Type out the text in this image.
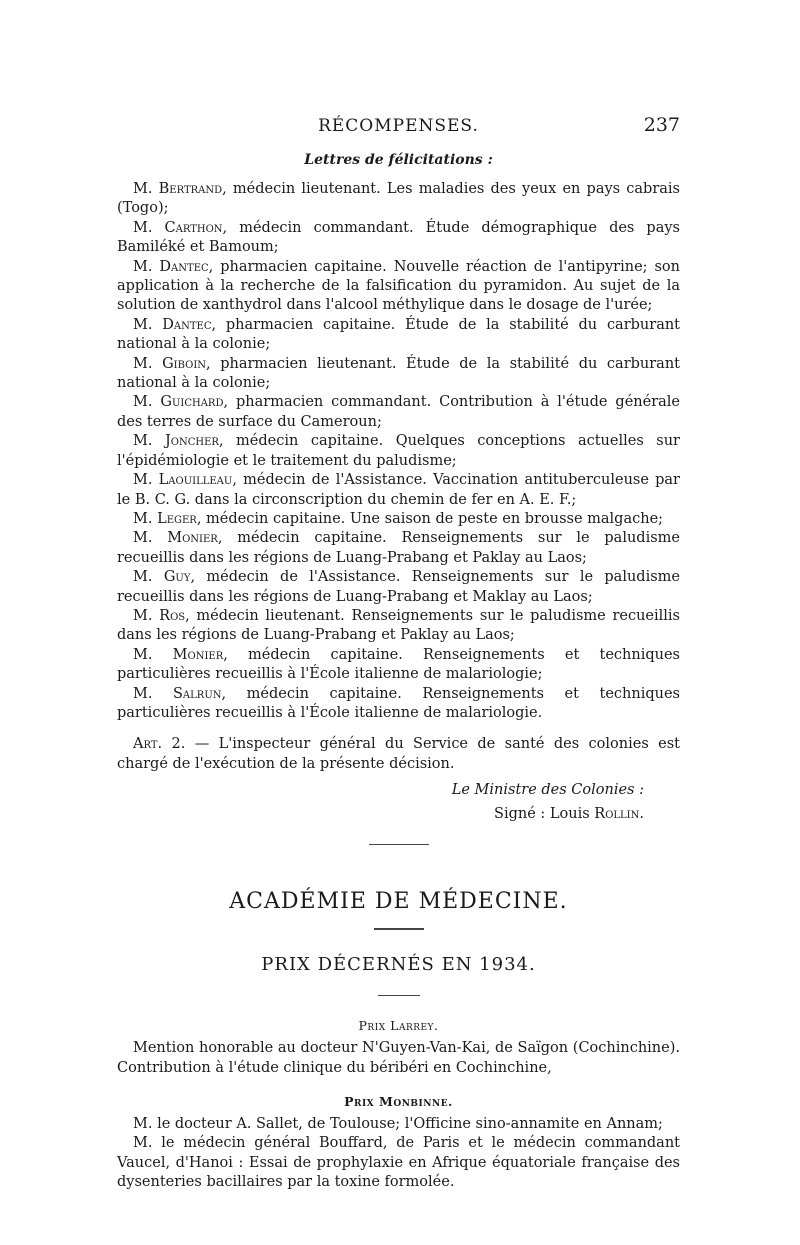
RÉCOMPENSES.	237
Lettres de félicitations :

M. Bertrand, médecin lieutenant. Les maladies des yeux en pays cabrais (Togo);

M. Carthon, médecin commandant. Étude démographique des pays Bamiléké et Bamoum;

M. Dantec, pharmacien capitaine. Nouvelle réaction de l'antipyrine; son application à la recherche de la falsification du pyramidon. Au sujet de la solution de xanthydrol dans l'alcool méthylique dans le dosage de l'urée;

M. Dantec, pharmacien capitaine. Étude de la stabilité du carburant national à la colonie;

M. Giboin, pharmacien lieutenant. Étude de la stabilité du carburant national à la colonie;

M. Guichard, pharmacien commandant. Contribution à l'étude générale des terres de surface du Cameroun;

M. Joncher, médecin capitaine. Quelques conceptions actuelles sur l'épidémiologie et le traitement du paludisme;

M. Laouilleau, médecin de l'Assistance. Vaccination antituberculeuse par le B. C. G. dans la circonscription du chemin de fer en A. E. F.;

M. Leger, médecin capitaine. Une saison de peste en brousse malgache;

M. Monier, médecin capitaine. Renseignements sur le paludisme recueillis dans les régions de Luang-Prabang et Paklay au Laos;

M. Guy, médecin de l'Assistance. Renseignements sur le paludisme recueillis dans les régions de Luang-Prabang et Maklay au Laos;

M. Ros, médecin lieutenant. Renseignements sur le paludisme recueillis dans les régions de Luang-Prabang et Paklay au Laos;

M. Monier, médecin capitaine. Renseignements et techniques particulières recueillis à l'École italienne de malariologie;

M. Salrun, médecin capitaine. Renseignements et techniques particulières recueillis à l'École italienne de malariologie.

Art. 2. — L'inspecteur général du Service de santé des colonies est chargé de l'exécution de la présente décision.

Le Ministre des Colonies :
Signé : Louis Rollin.
ACADÉMIE DE MÉDECINE.
PRIX DÉCERNÉS EN 1934.
Prix Larrey.

Mention honorable au docteur N'Guyen-Van-Kai, de Saïgon (Cochinchine). Contribution à l'étude clinique du béribéri en Cochinchine,

Prix Monbinne.

M. le docteur A. Sallet, de Toulouse; l'Officine sino-annamite en Annam;

M. le médecin général Bouffard, de Paris et le médecin commandant Vaucel, d'Hanoi : Essai de prophylaxie en Afrique équatoriale française des dysenteries bacillaires par la toxine formolée.
